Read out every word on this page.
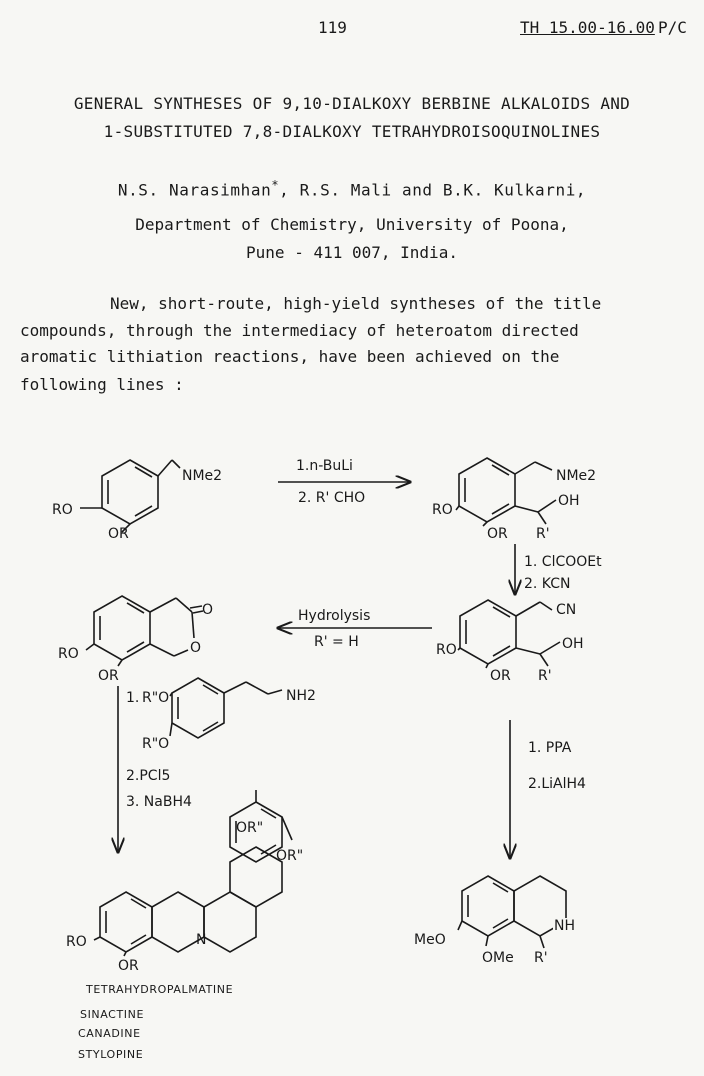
119	TH 15.00-16.00 P/C
GENERAL SYNTHESES OF 9,10-DIALKOXY BERBINE ALKALOIDS AND
1-SUBSTITUTED 7,8-DIALKOXY TETRAHYDROISOQUINOLINES
N.S. Narasimhan*, R.S. Mali and B.K. Kulkarni,
Department of Chemistry, University of Poona,
Pune - 411 007, India.
New, short-route, high-yield syntheses of the title
compounds, through the intermediacy of heteroatom directed
aromatic lithiation reactions, have been achieved on the
following lines :
NMe2
RO
OR
1.n-BuLi
2. R' CHO
NMe2
OH
R'
RO
OR
1. ClCOOEt
2. KCN
CN
OH
R'
RO
OR
Hydrolysis
R' = H
O
O
RO
OR
1. R"O
R"O
NH2
2.PCl5
3. NaBH4
1. PPA
2.LiAlH4
N
OR"
OR"
RO
OR
NH
MeO
OMe R'
TETRAHYDROPALMATINE
SINACTINE
CANADINE
STYLOPINE
